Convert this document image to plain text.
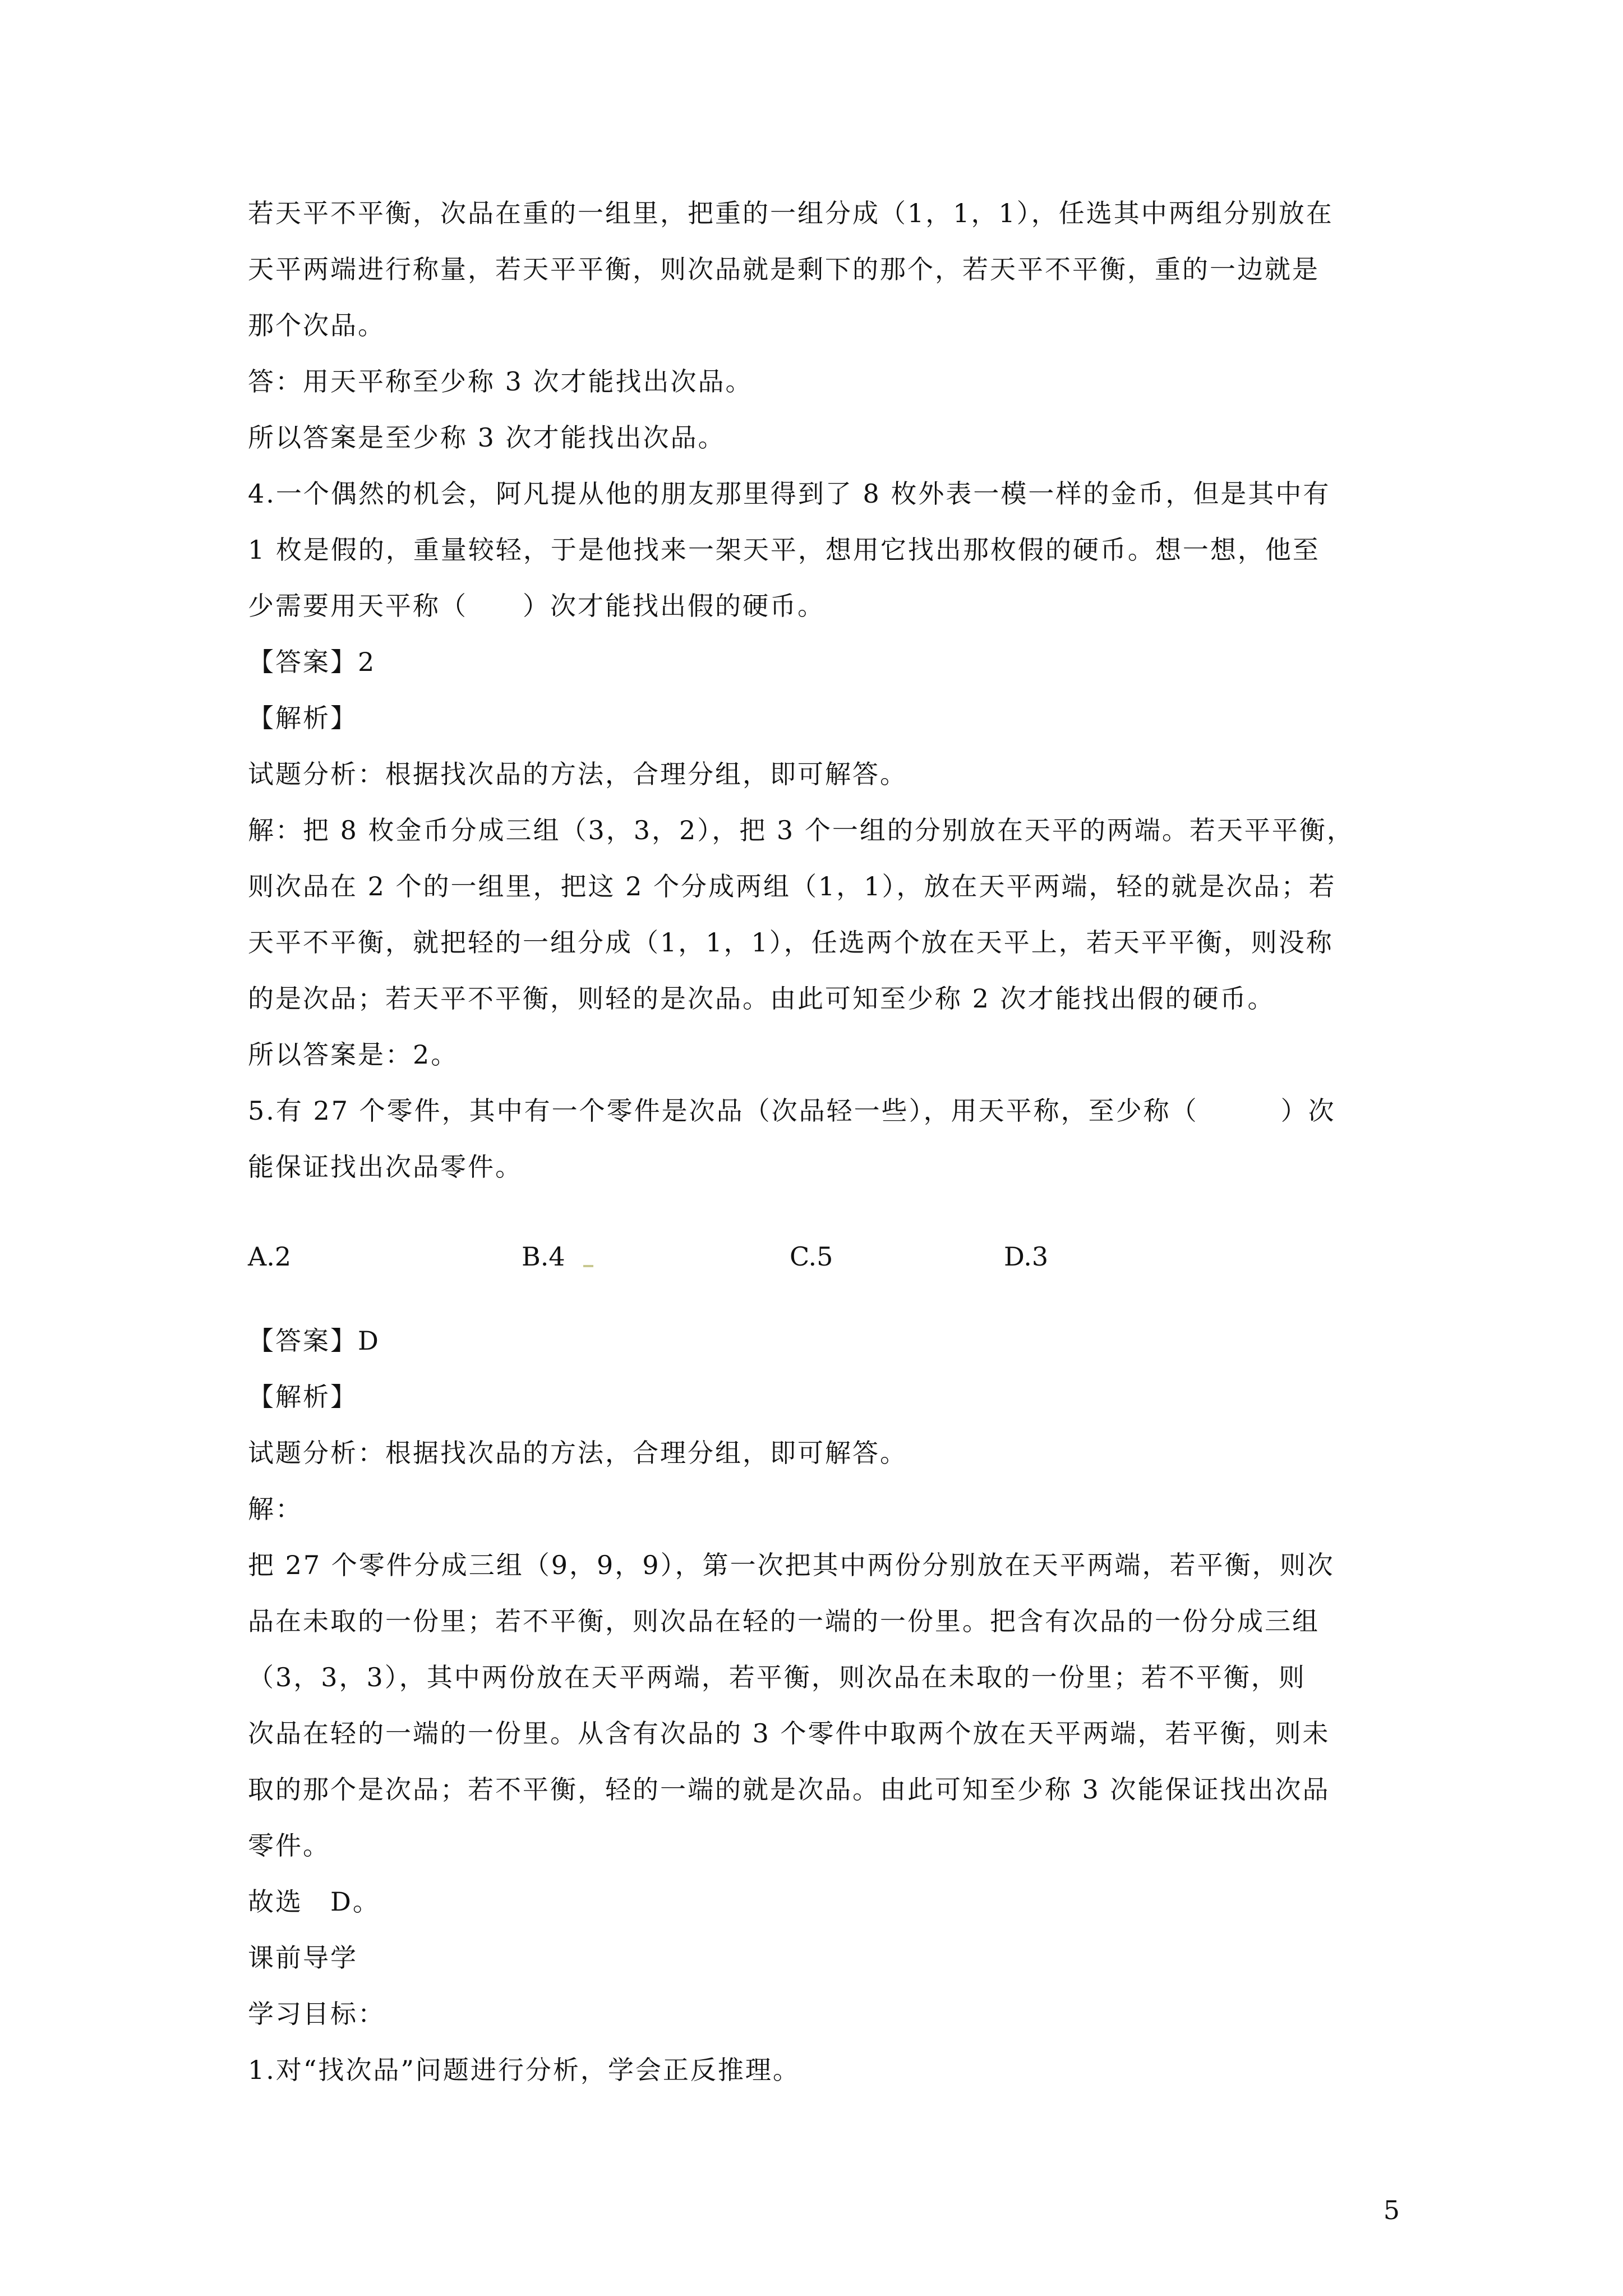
若天平不平衡，次品在重的一组里，把重的一组分成（1，1，1），任选其中两组分别放在

天平两端进行称量，若天平平衡，则次品就是剩下的那个，若天平不平衡，重的一边就是

那个次品。

答：用天平称至少称 3 次才能找出次品。

所以答案是至少称 3 次才能找出次品。

4.一个偶然的机会，阿凡提从他的朋友那里得到了 8 枚外表一模一样的金币，但是其中有

1 枚是假的，重量较轻，于是他找来一架天平，想用它找出那枚假的硬币。想一想，他至

少需要用天平称（　　）次才能找出假的硬币。

【答案】2

【解析】

试题分析：根据找次品的方法，合理分组，即可解答。

解：把 8 枚金币分成三组（3，3，2），把 3 个一组的分别放在天平的两端。若天平平衡，

则次品在 2 个的一组里，把这 2 个分成两组（1，1），放在天平两端，轻的就是次品；若

天平不平衡，就把轻的一组分成（1，1，1），任选两个放在天平上，若天平平衡，则没称

的是次品；若天平不平衡，则轻的是次品。由此可知至少称 2 次才能找出假的硬币。

所以答案是：2。

5.有 27 个零件，其中有一个零件是次品（次品轻一些），用天平称，至少称（　　　）次

能保证找出次品零件。

A.2	B.4	C.5	D.3

【答案】D

【解析】

试题分析：根据找次品的方法，合理分组，即可解答。

解：

把 27 个零件分成三组（9，9，9），第一次把其中两份分别放在天平两端，若平衡，则次

品在未取的一份里；若不平衡，则次品在轻的一端的一份里。把含有次品的一份分成三组

（3，3，3），其中两份放在天平两端，若平衡，则次品在未取的一份里；若不平衡，则

次品在轻的一端的一份里。从含有次品的 3 个零件中取两个放在天平两端，若平衡，则未

取的那个是次品；若不平衡，轻的一端的就是次品。由此可知至少称 3 次能保证找出次品

零件。

故选　D。

课前导学

学习目标：

1.对“找次品”问题进行分析，学会正反推理。

5
